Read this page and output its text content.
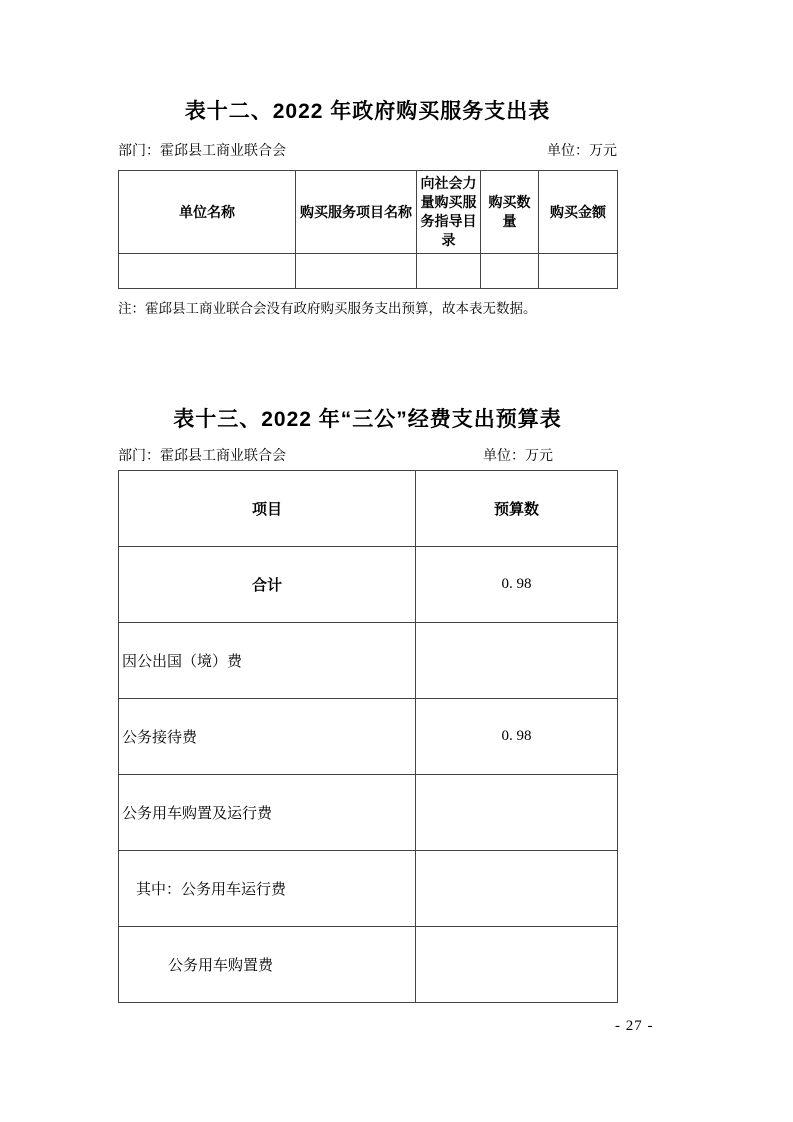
表十二、2022 年政府购买服务支出表
部门：霍邱县工商业联合会	单位：万元
单位名称	购买服务项目名称	向社会力量购买服务指导目录	购买数量	购买金额

注：霍邱县工商业联合会没有政府购买服务支出预算，故本表无数据。
表十三、2022 年“三公”经费支出预算表
部门：霍邱县工商业联合会	单位：万元
项目	预算数
合计	0. 98
因公出国（境）费	
公务接待费	0. 98
公务用车购置及运行费	
其中：公务用车运行费	
公务用车购置费	
- 27 -
